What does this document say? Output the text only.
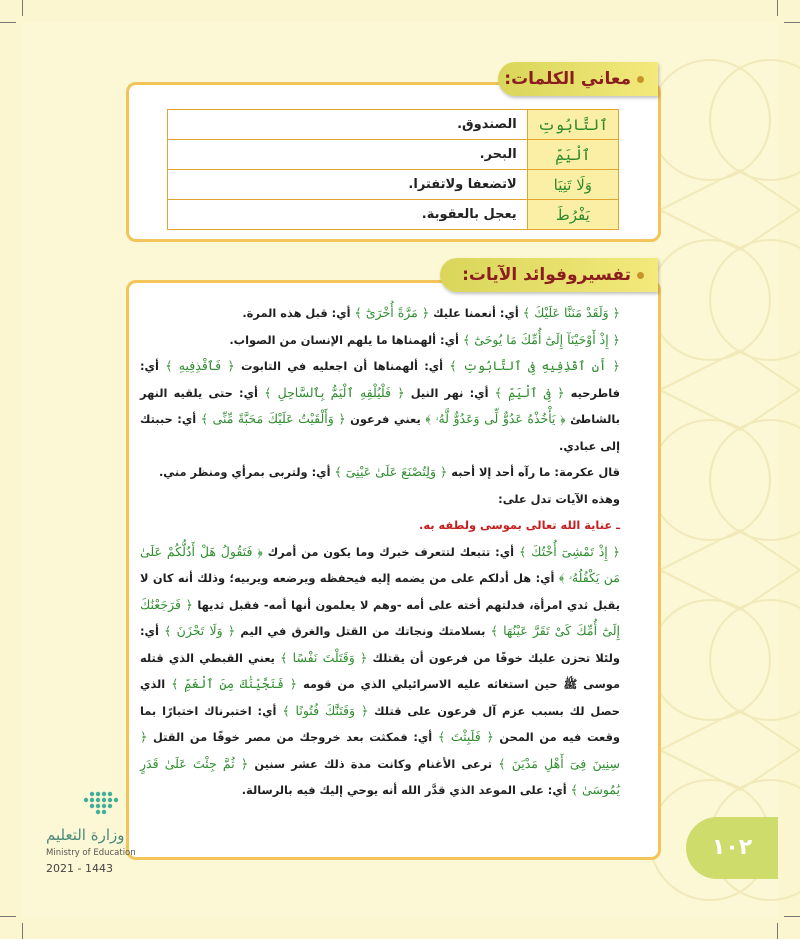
معاني الكلمات:
ٱلتَّابُوتِ	الصندوق.
ٱلْيَمِّ	البحر.
وَلَا تَنِيَا	لاتضعفا ولاتفترا.
يَفْرُطَ	يعجل بالعقوبة.
تفسيروفوائد الآيات:

﴿ وَلَقَدْ مَنَنَّا عَلَيْكَ ﴾ أي: أنعمنا عليك ﴿ مَرَّةً أُخْرَىٰٓ ﴾ أي: قبل هذه المرة.

﴿ إِذْ أَوْحَيْنَآ إِلَىٰٓ أُمِّكَ مَا يُوحَىٰٓ ﴾ أي: ألهمناها ما يلهم الإنسان من الصواب.

﴿ أَنِ ٱقْذِفِيهِ فِى ٱلتَّابُوتِ ﴾ أي: ألهمناها أن اجعليه في التابوت ﴿ فَٱقْذِفِيهِ ﴾ أي: فاطرحيه ﴿ فِى ٱلْيَمِّ ﴾ أي: نهر النيل ﴿ فَلْيُلْقِهِ ٱلْيَمُّ بِٱلسَّاحِلِ ﴾ أي: حتى يلقيه النهر بالشاطئ ﴿ يَأْخُذْهُ عَدُوٌّ لِّى وَعَدُوٌّ لَّهُۥ ﴾ يعني فرعون ﴿ وَأَلْقَيْتُ عَلَيْكَ مَحَبَّةً مِّنِّى ﴾ أي: حببتك إلى عبادي.

قال عكرمة: ما رآه أحد إلا أحبه ﴿ وَلِتُصْنَعَ عَلَىٰ عَيْنِىٓ ﴾ أي: ولتربى بمرأي ومنظر مني.

وهذه الآيات تدل على:

ـ عناية الله تعالى بموسى ولطفه به.

﴿ إِذْ تَمْشِىٓ أُخْتُكَ ﴾ أي: تتبعك لتتعرف خبرك وما يكون من أمرك ﴿ فَتَقُولُ هَلْ أَدُلُّكُمْ عَلَىٰ مَن يَكْفُلُهُۥ ﴾ أي: هل أدلكم على من يضمه إليه فيحفظه ويرضعه ويربيه؛ وذلك أنه كان لا يقبل ثدي امرأة، فدلتهم أخته على أمه -وهم لا يعلمون أنها أمه- فقبل ثديها ﴿ فَرَجَعْنَٰكَ إِلَىٰٓ أُمِّكَ كَىْ تَقَرَّ عَيْنُهَا ﴾ بسلامتك ونجاتك من القتل والغرق في اليم ﴿ وَلَا تَحْزَنَ ﴾ أي: ولئلا تحزن عليك خوفًا من فرعون أن يقتلك ﴿ وَقَتَلْتَ نَفْسًا ﴾ يعني القبطي الذي قتله موسى ﷺ حين استغاثه عليه الاسرائيلي الذي من قومه ﴿ فَنَجَّيْنَٰكَ مِنَ ٱلْغَمِّ ﴾ الذي حصل لك بسبب عزم آل فرعون على قتلك ﴿ وَفَتَنَّٰكَ فُتُونًا ﴾ أي: اختبرناك اختبارًا بما وقعت فيه من المحن ﴿ فَلَبِثْتَ ﴾ أي: فمكثت بعد خروجك من مصر خوفًا من القتل ﴿ سِنِينَ فِىٓ أَهْلِ مَدْيَنَ ﴾ ترعى الأغنام وكانت مدة ذلك عشر سنين ﴿ ثُمَّ جِئْتَ عَلَىٰ قَدَرٍ يَٰمُوسَىٰ ﴾ أي: على الموعد الذي قدَّر الله أنه يوحي إليك فيه بالرسالة.

١٠٢
وزارة التعليم
Ministry of Education
2021 - 1443
